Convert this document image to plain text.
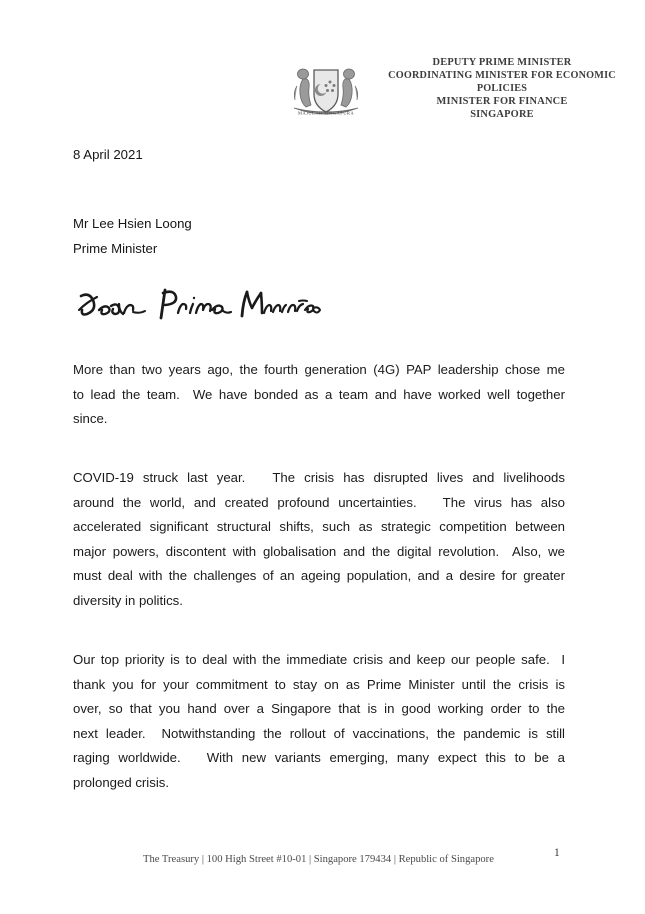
MAJULAH SINGAPURA
DEPUTY PRIME MINISTER
COORDINATING MINISTER FOR ECONOMIC POLICIES
MINISTER FOR FINANCE
SINGAPORE
8 April 2021
Mr Lee Hsien Loong
Prime Minister
More than two years ago, the fourth generation (4G) PAP leadership chose me
to lead the team.  We have bonded as a team and have worked well together
since.
COVID-19 struck last year.   The crisis has disrupted lives and livelihoods
around the world, and created profound uncertainties.   The virus has also
accelerated significant structural shifts, such as strategic competition between
major powers, discontent with globalisation and the digital revolution.  Also, we
must deal with the challenges of an ageing population, and a desire for greater
diversity in politics.
Our top priority is to deal with the immediate crisis and keep our people safe.  I
thank you for your commitment to stay on as Prime Minister until the crisis is
over, so that you hand over a Singapore that is in good working order to the
next leader.  Notwithstanding the rollout of vaccinations, the pandemic is still
raging worldwide.   With new variants emerging, many expect this to be a
prolonged crisis.
The Treasury | 100 High Street #10-01 | Singapore 179434 | Republic of Singapore
1
